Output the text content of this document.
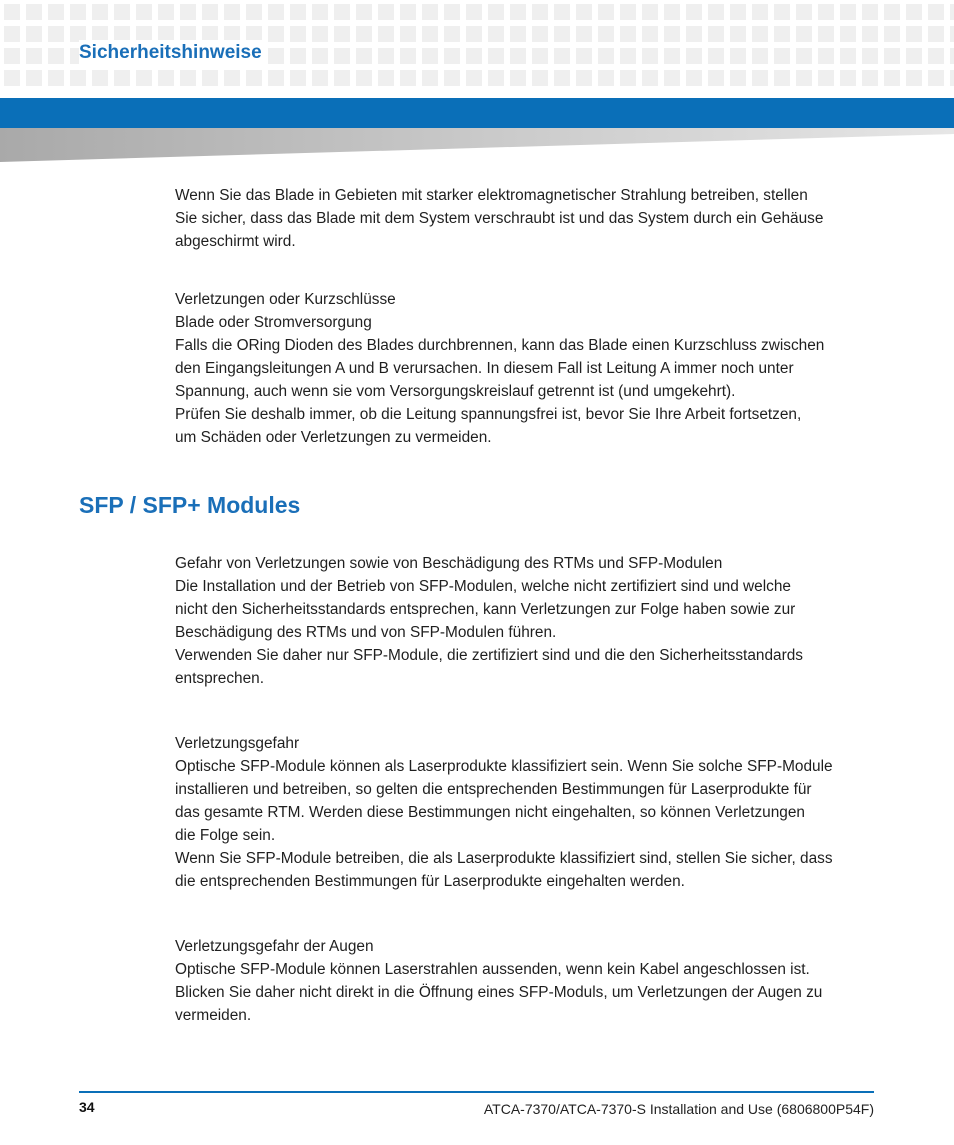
Sicherheitshinweise

Wenn Sie das Blade in Gebieten mit starker elektromagnetischer Strahlung betreiben, stellen

Sie sicher, dass das Blade mit dem System verschraubt ist und das System durch ein Gehäuse

abgeschirmt wird.

Verletzungen oder Kurzschlüsse

Blade oder Stromversorgung

Falls die ORing Dioden des Blades durchbrennen, kann das Blade einen Kurzschluss zwischen

den Eingangsleitungen A und B verursachen. In diesem Fall ist Leitung A immer noch unter

Spannung, auch wenn sie vom Versorgungskreislauf getrennt ist (und umgekehrt).

Prüfen Sie deshalb immer, ob die Leitung spannungsfrei ist, bevor Sie Ihre Arbeit fortsetzen,

um Schäden oder Verletzungen zu vermeiden.

SFP / SFP+ Modules

Gefahr von Verletzungen sowie von Beschädigung des RTMs und SFP-Modulen

Die Installation und der Betrieb von SFP-Modulen, welche nicht zertifiziert sind und welche

nicht den Sicherheitsstandards entsprechen, kann Verletzungen zur Folge haben sowie zur

Beschädigung des RTMs und von SFP-Modulen führen.

Verwenden Sie daher nur SFP-Module, die zertifiziert sind und die den Sicherheitsstandards

entsprechen.

Verletzungsgefahr

Optische SFP-Module können als Laserprodukte klassifiziert sein. Wenn Sie solche SFP-Module

installieren und betreiben, so gelten die entsprechenden Bestimmungen für Laserprodukte für

das gesamte RTM. Werden diese Bestimmungen nicht eingehalten, so können Verletzungen

die Folge sein.

Wenn Sie SFP-Module betreiben, die als Laserprodukte klassifiziert sind, stellen Sie sicher, dass

die entsprechenden Bestimmungen für Laserprodukte eingehalten werden.

Verletzungsgefahr der Augen

Optische SFP-Module können Laserstrahlen aussenden, wenn kein Kabel angeschlossen ist.

Blicken Sie daher nicht direkt in die Öffnung eines SFP-Moduls, um Verletzungen der Augen zu

vermeiden.

34	ATCA-7370/ATCA-7370-S Installation and Use (6806800P54F)
